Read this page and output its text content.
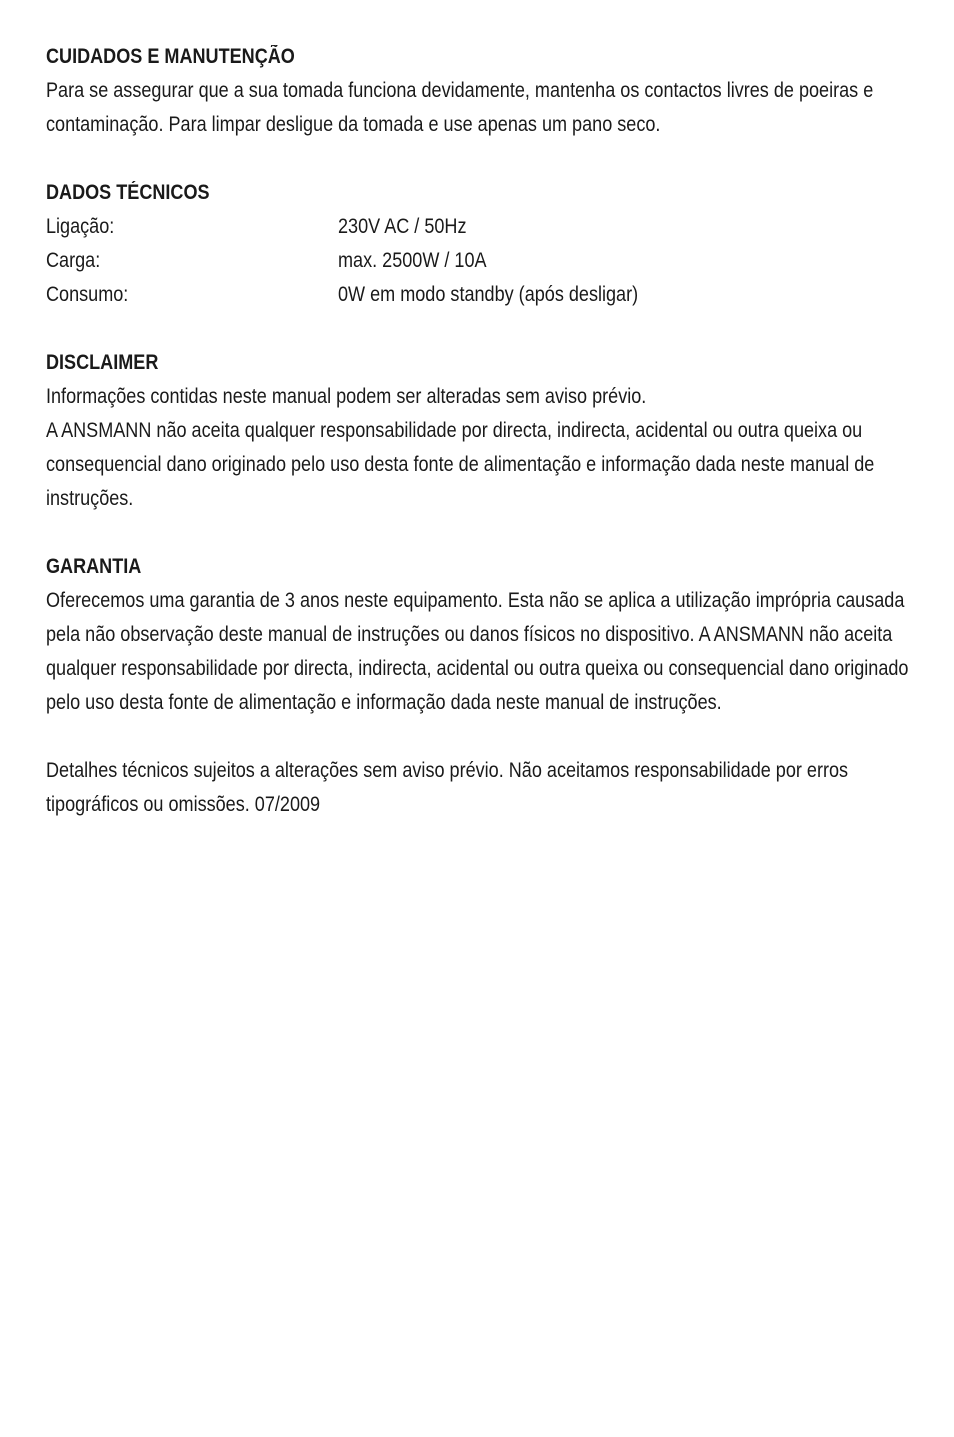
CUIDADOS E MANUTENÇÃO

Para se assegurar que a sua tomada funciona devidamente, mantenha os contactos livres de poeiras e contaminação. Para limpar desligue da tomada e use apenas um pano seco.

DADOS TÉCNICOS
Ligação:	230V AC / 50Hz
Carga:	max. 2500W / 10A
Consumo:	0W em modo standby (após desligar)
DISCLAIMER

Informações contidas neste manual podem ser alteradas sem aviso prévio.

A ANSMANN não aceita qualquer responsabilidade por directa, indirecta, acidental ou outra queixa ou consequencial dano originado pelo uso desta fonte de alimentação e informação dada neste manual de instruções.

GARANTIA

Oferecemos uma garantia de 3 anos neste equipamento. Esta não se aplica a utilização imprópria causada pela não observação deste manual de instruções ou danos físicos no dispositivo. A ANSMANN não aceita qualquer responsabilidade por directa, indirecta, acidental ou outra queixa ou consequencial dano originado pelo uso desta fonte de alimentação e informação dada neste manual de instruções.

Detalhes técnicos sujeitos a alterações sem aviso prévio. Não aceitamos responsabilidade por erros tipográficos ou omissões. 07/2009
